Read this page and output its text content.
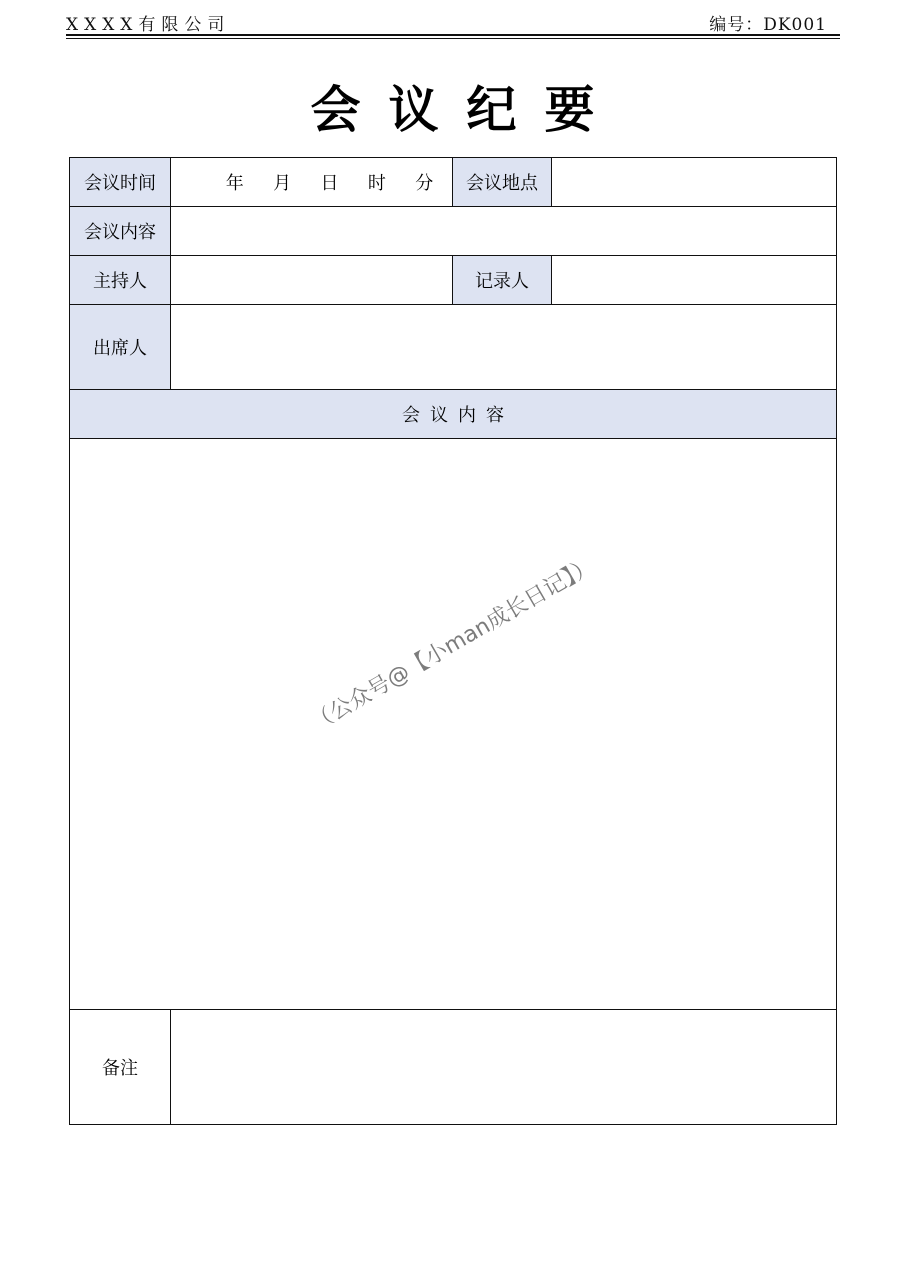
XXXX有限公司	编号：DK001
会议纪要
会议时间	年 月 日 时 分	会议地点	
会议内容			
主持人		记录人	
出席人			
会议内容			

备注			
（公众号@【小man成长日记】）
